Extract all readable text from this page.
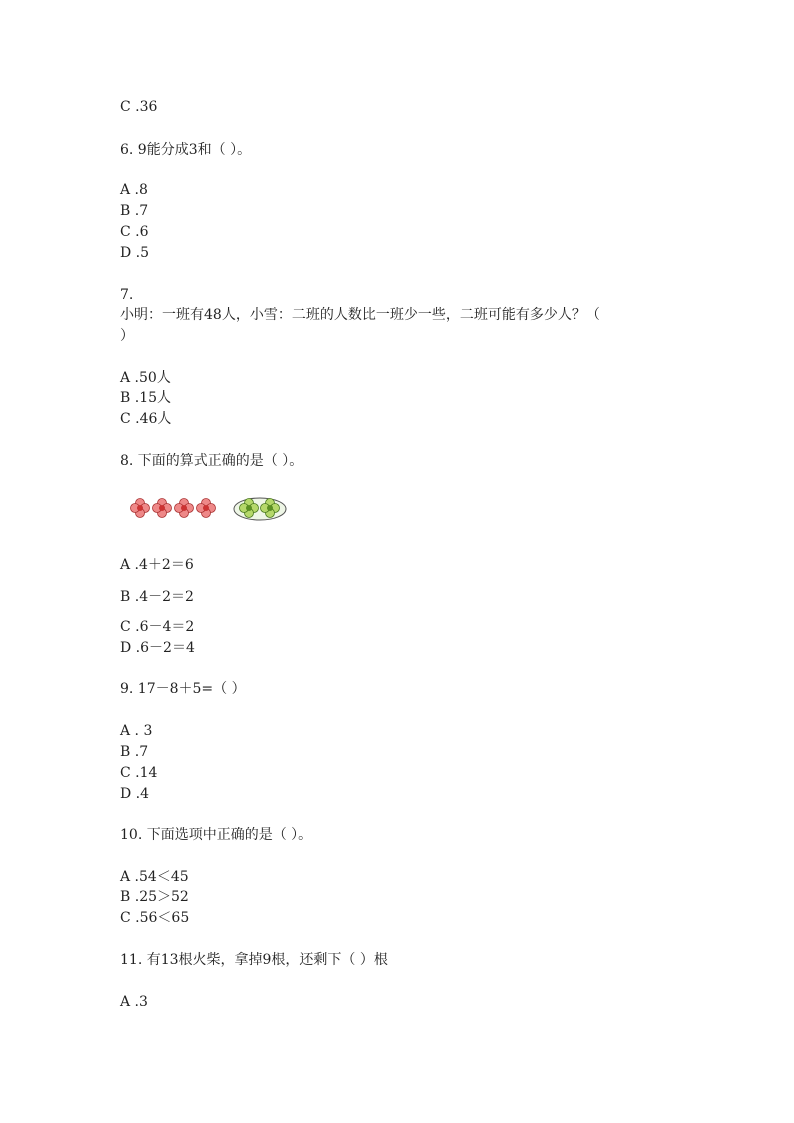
C .36
6. 9能分成3和（ ）。
A .8
B .7
C .6
D .5
7.
小明：一班有48人，小雪：二班的人数比一班少一些，二班可能有多少人？（
）
A .50人
B .15人
C .46人
8. 下面的算式正确的是（ ）。
A .4＋2＝6
B .4－2＝2
C .6－4＝2
D .6－2＝4
9. 17－8＋5=（ ）
A . 3
B .7
C .14
D .4
10. 下面选项中正确的是（ ）。
A .54＜45
B .25＞52
C .56＜65
11. 有13根火柴，拿掉9根，还剩下（ ）根
A .3
